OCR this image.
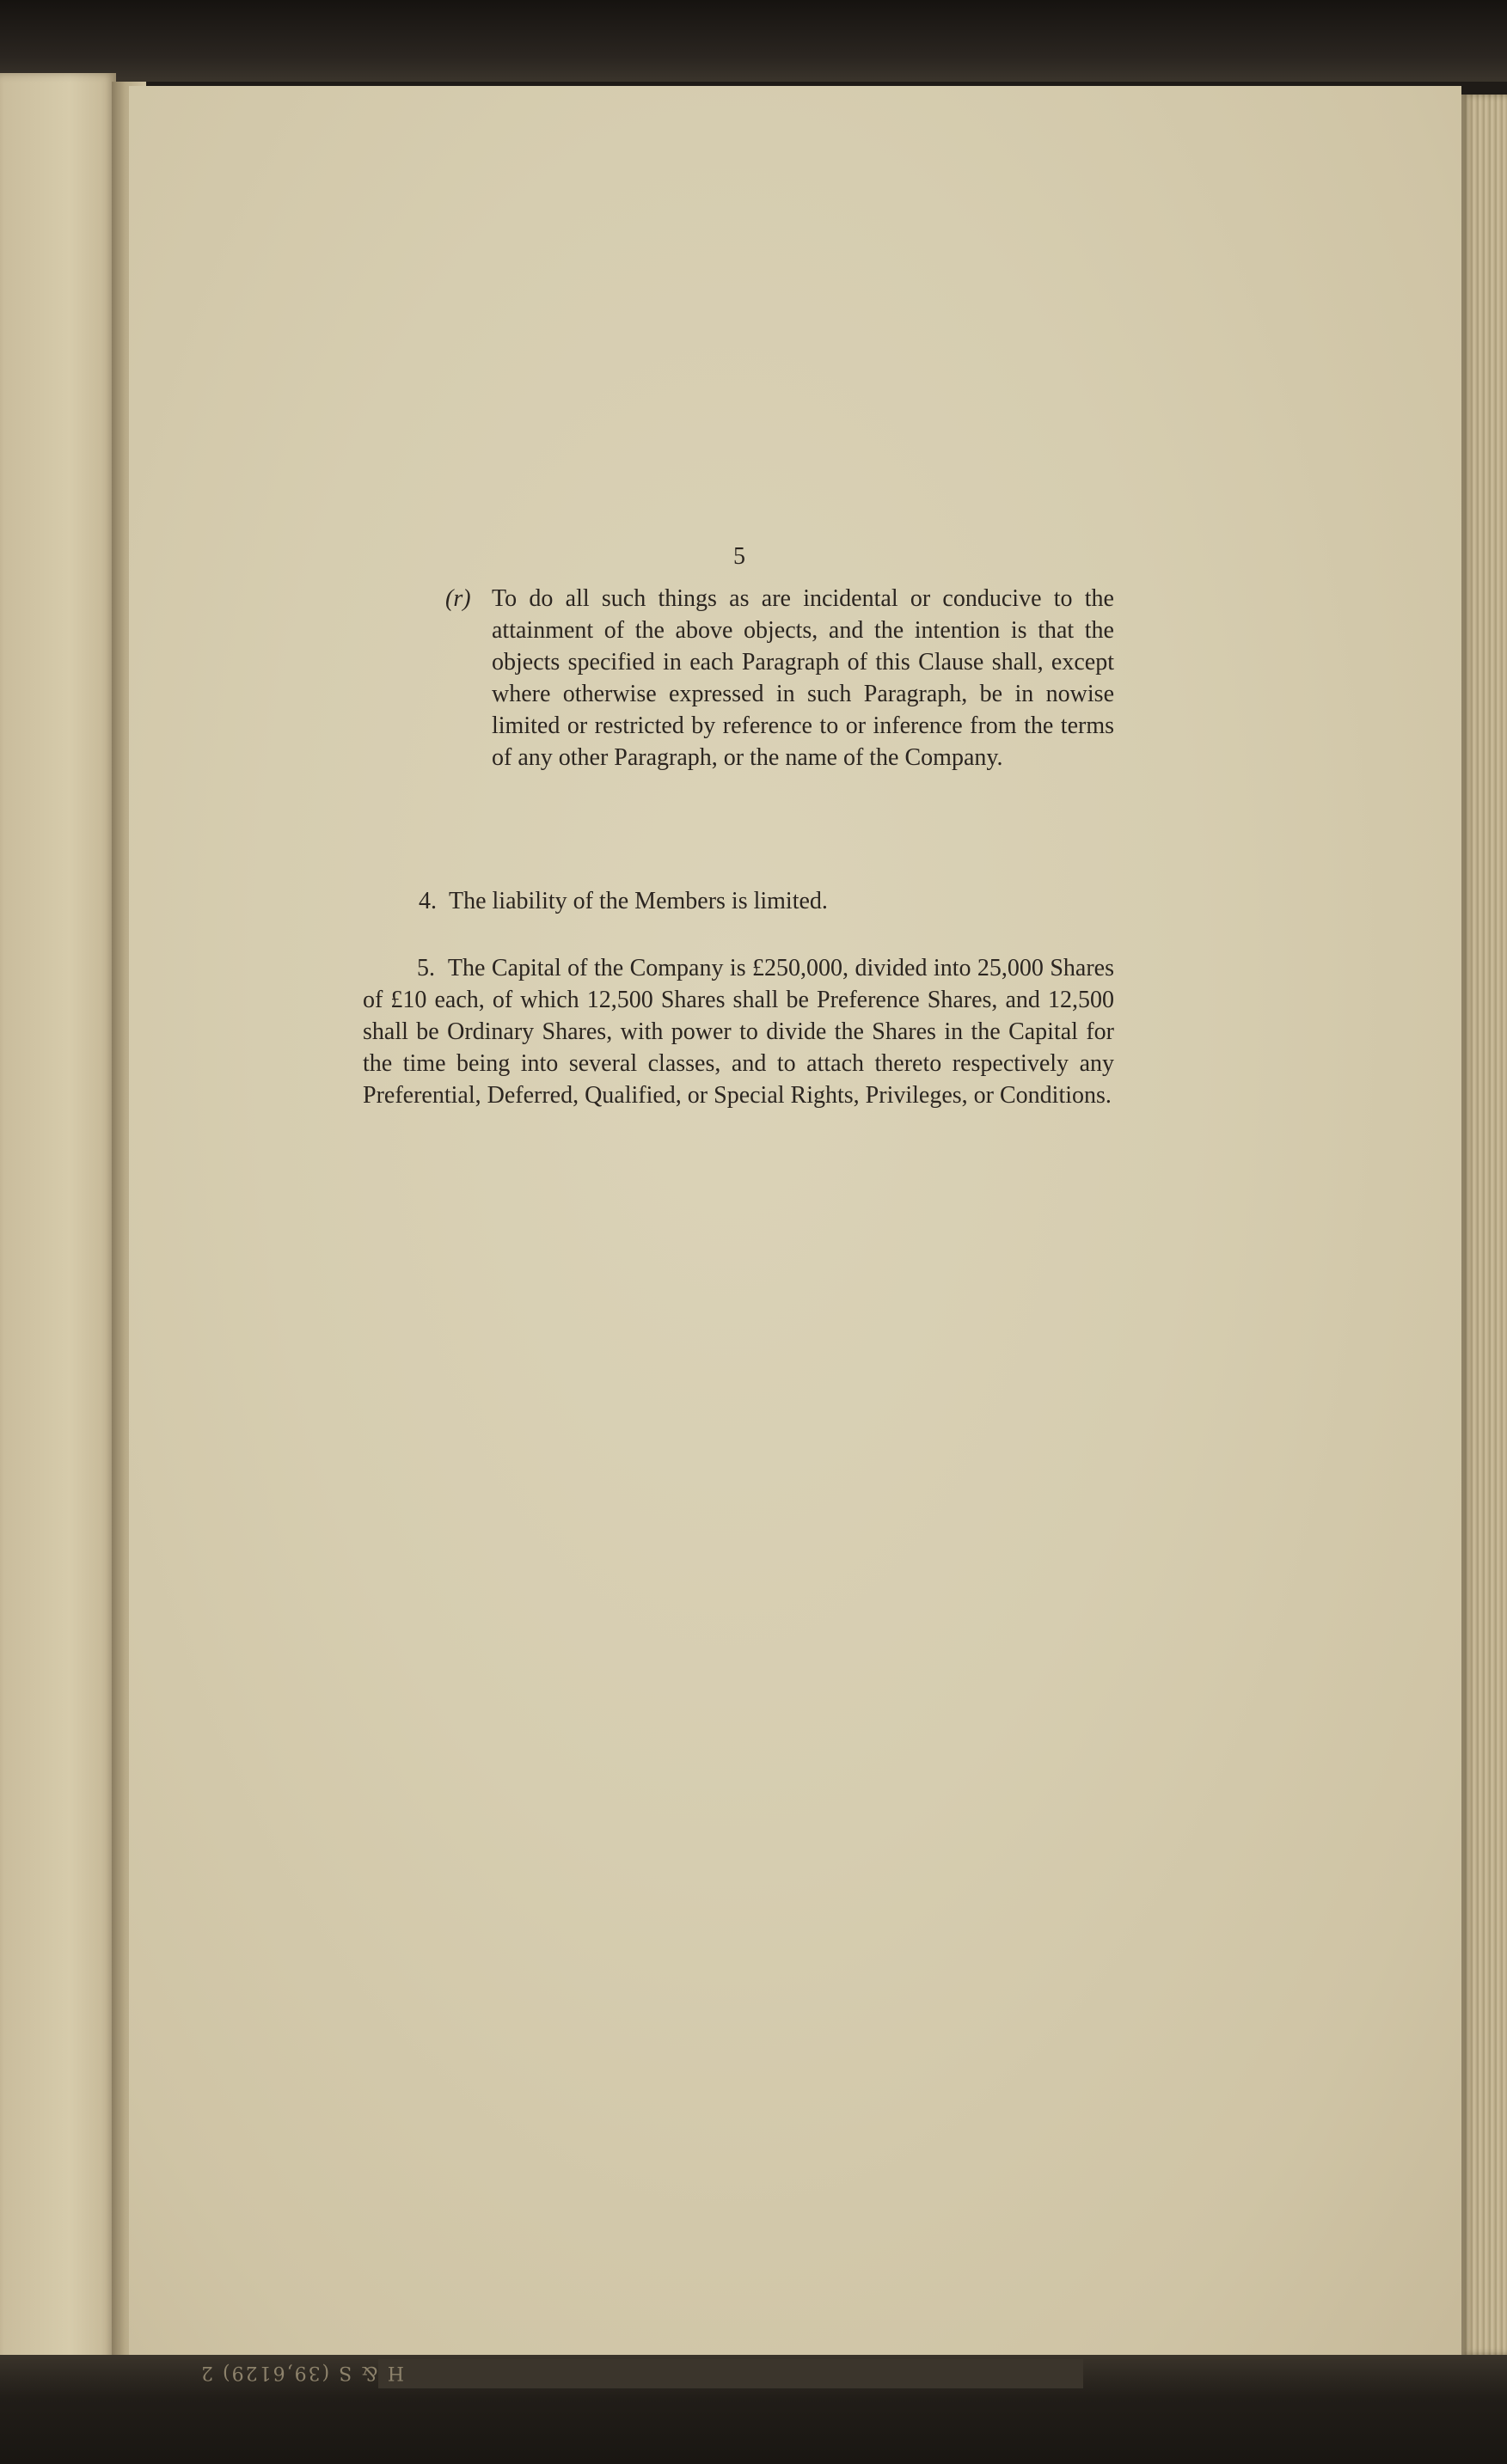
H & S (39,6129) 2
5
(r) To do all such things as are incidental or conducive to the attainment of the above objects, and the intention is that the objects specified in each Paragraph of this Clause shall, except where otherwise expressed in such Paragraph, be in nowise limited or restricted by reference to or inference from the terms of any other Paragraph, or the name of the Company.
4. The liability of the Members is limited.
5. The Capital of the Company is £250,000, divided into 25,000 Shares of £10 each, of which 12,500 Shares shall be Preference Shares, and 12,500 shall be Ordinary Shares, with power to divide the Shares in the Capital for the time being into several classes, and to attach thereto respectively any Preferential, Deferred, Qualified, or Special Rights, Privileges, or Conditions.
